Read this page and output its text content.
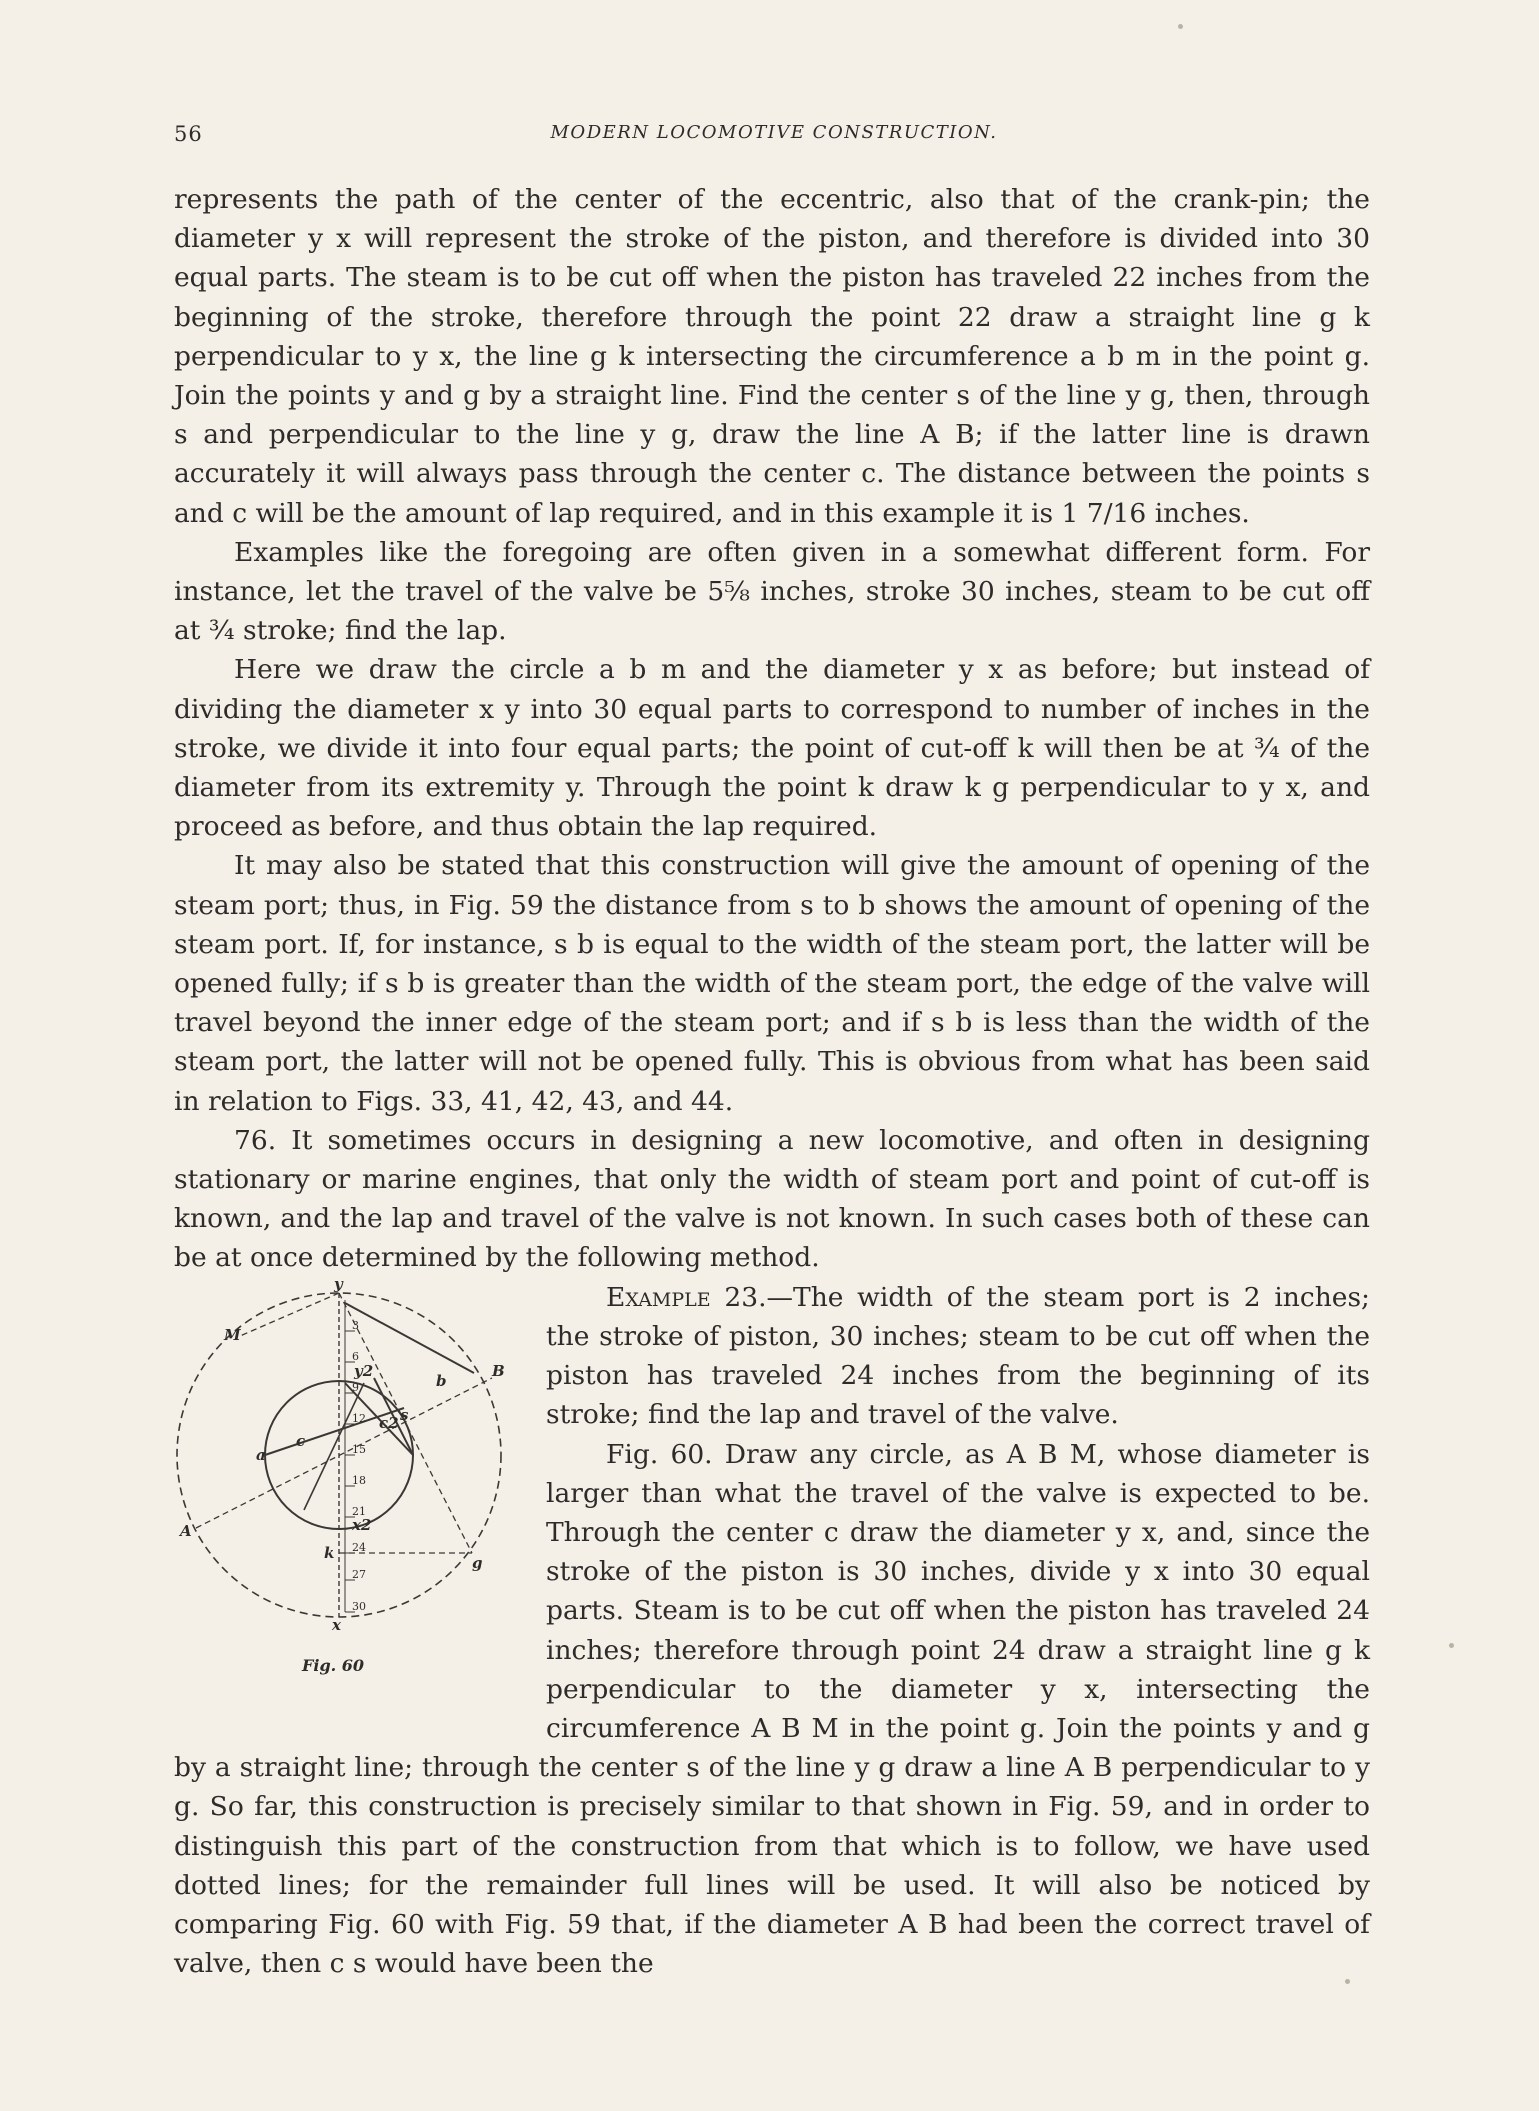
56	MODERN LOCOMOTIVE CONSTRUCTION.

represents the path of the center of the eccentric, also that of the crank-pin; the diameter y x will represent the stroke of the piston, and therefore is divided into 30 equal parts. The steam is to be cut off when the piston has traveled 22 inches from the beginning of the stroke, therefore through the point 22 draw a straight line g k perpendicular to y x, the line g k intersecting the circumference a b m in the point g. Join the points y and g by a straight line. Find the center s of the line y g, then, through s and perpendicular to the line y g, draw the line A B; if the latter line is drawn accurately it will always pass through the center c. The distance between the points s and c will be the amount of lap required, and in this example it is 1 7/16 inches.

Examples like the foregoing are often given in a somewhat different form. For instance, let the travel of the valve be 5⅝ inches, stroke 30 inches, steam to be cut off at ¾ stroke; find the lap.

Here we draw the circle a b m and the diameter y x as before; but instead of dividing the diameter x y into 30 equal parts to correspond to number of inches in the stroke, we divide it into four equal parts; the point of cut-off k will then be at ¾ of the diameter from its extremity y. Through the point k draw k g perpendicular to y x, and proceed as before, and thus obtain the lap required.

It may also be stated that this construction will give the amount of opening of the steam port; thus, in Fig. 59 the distance from s to b shows the amount of opening of the steam port. If, for instance, s b is equal to the width of the steam port, the latter will be opened fully; if s b is greater than the width of the steam port, the edge of the valve will travel beyond the inner edge of the steam port; and if s b is less than the width of the steam port, the latter will not be opened fully. This is obvious from what has been said in relation to Figs. 33, 41, 42, 43, and 44.

76. It sometimes occurs in designing a new locomotive, and often in designing stationary or marine engines, that only the width of steam port and point of cut-off is known, and the lap and travel of the valve is not known. In such cases both of these can be at once determined by the following method.

3
6
9
12
15
18
21
24
27
30
y
x
M
B
A
g
k
a
b
c
s
c2
x2
y2
Fig. 60

Example 23.—The width of the steam port is 2 inches; the stroke of piston, 30 inches; steam to be cut off when the piston has traveled 24 inches from the beginning of its stroke; find the lap and travel of the valve.

Fig. 60. Draw any circle, as A B M, whose diameter is larger than what the travel of the valve is expected to be. Through the center c draw the diameter y x, and, since the stroke of the piston is 30 inches, divide y x into 30 equal parts. Steam is to be cut off when the piston has traveled 24 inches; therefore through point 24 draw a straight line g k perpendicular to the diameter y x, intersecting the circumference A B M in the point g. Join the points y and g by a straight line; through the center s of the line y g draw a line A B perpendicular to y g. So far, this construction is precisely similar to that shown in Fig. 59, and in order to distinguish this part of the construction from that which is to follow, we have used dotted lines; for the remainder full lines will be used. It will also be noticed by comparing Fig. 60 with Fig. 59 that, if the diameter A B had been the correct travel of valve, then c s would have been the
